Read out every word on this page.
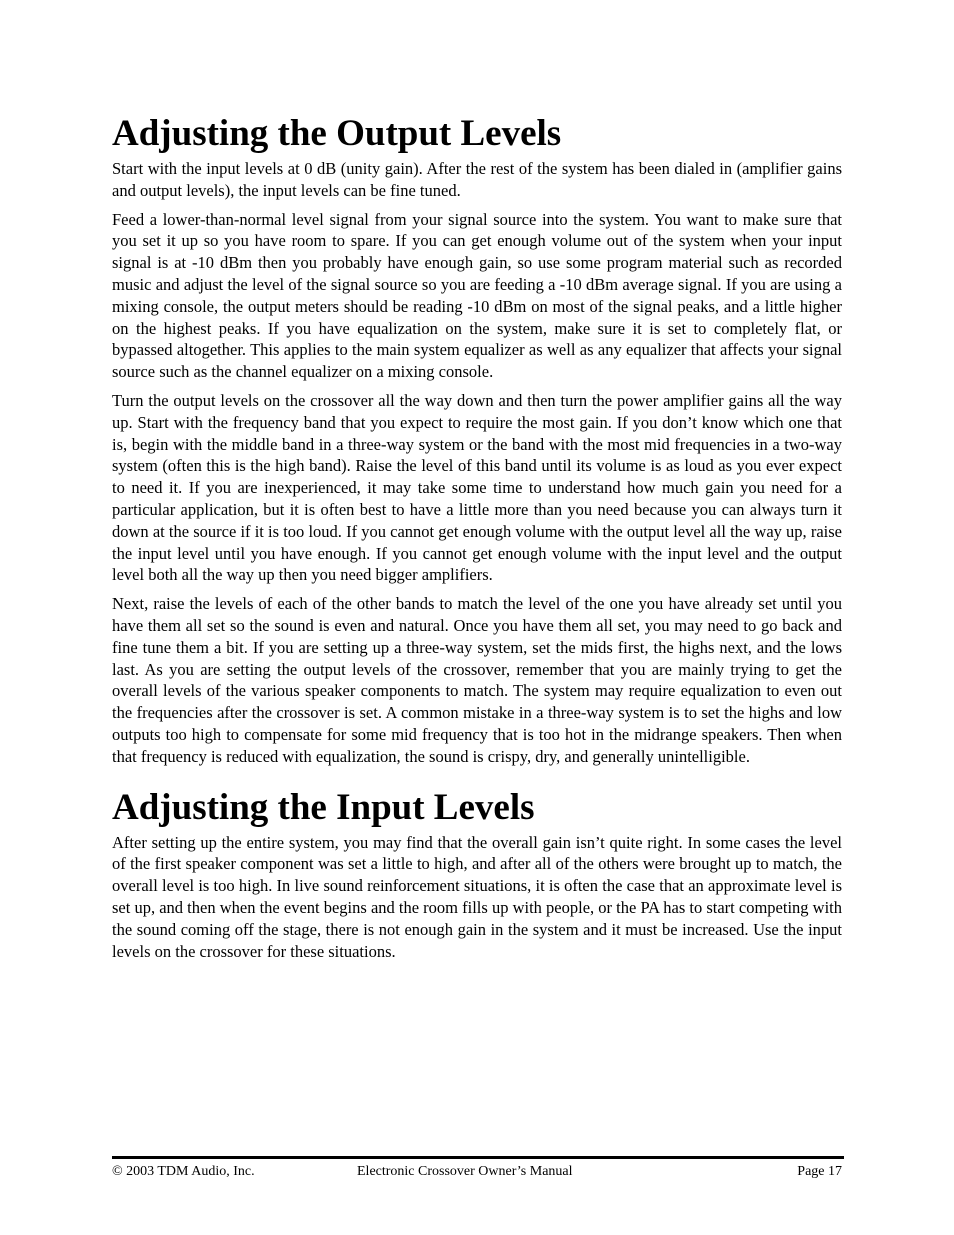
Adjusting the Output Levels

Start with the input levels at 0 dB (unity gain). After the rest of the system has been dialed in (amplifier gains and output levels), the input levels can be fine tuned.

Feed a lower-than-normal level signal from your signal source into the system. You want to make sure that you set it up so you have room to spare. If you can get enough volume out of the system when your input signal is at -10 dBm then you probably have enough gain, so use some program material such as recorded music and adjust the level of the signal source so you are feeding a -10 dBm average signal. If you are using a mixing console, the output meters should be reading -10 dBm on most of the signal peaks, and a little higher on the highest peaks. If you have equalization on the system, make sure it is set to completely flat, or bypassed altogether. This applies to the main system equalizer as well as any equalizer that affects your signal source such as the channel equalizer on a mixing console.

Turn the output levels on the crossover all the way down and then turn the power amplifier gains all the way up. Start with the frequency band that you expect to require the most gain. If you don’t know which one that is, begin with the middle band in a three-way system or the band with the most mid frequencies in a two-way system (often this is the high band). Raise the level of this band until its volume is as loud as you ever expect to need it. If you are inexperienced, it may take some time to understand how much gain you need for a particular application, but it is often best to have a little more than you need because you can always turn it down at the source if it is too loud. If you cannot get enough volume with the output level all the way up, raise the input level until you have enough. If you cannot get enough volume with the input level and the output level both all the way up then you need bigger amplifiers.

Next, raise the levels of each of the other bands to match the level of the one you have already set until you have them all set so the sound is even and natural. Once you have them all set, you may need to go back and fine tune them a bit. If you are setting up a three-way system, set the mids first, the highs next, and the lows last. As you are setting the output levels of the crossover, remember that you are mainly trying to get the overall levels of the various speaker components to match. The system may require equalization to even out the frequencies after the crossover is set. A common mistake in a three-way system is to set the highs and low outputs too high to compensate for some mid frequency that is too hot in the midrange speakers. Then when that frequency is reduced with equalization, the sound is crispy, dry, and generally unintelligible.

Adjusting the Input Levels

After setting up the entire system, you may find that the overall gain isn’t quite right. In some cases the level of the first speaker component was set a little to high, and after all of the others were brought up to match, the overall level is too high. In live sound reinforcement situations, it is often the case that an approximate level is set up, and then when the event begins and the room fills up with people, or the PA has to start competing with the sound coming off the stage, there is not enough gain in the system and it must be increased. Use the input levels on the crossover for these situations.

© 2003 TDM Audio, Inc.	Electronic Crossover Owner’s Manual	Page 17
